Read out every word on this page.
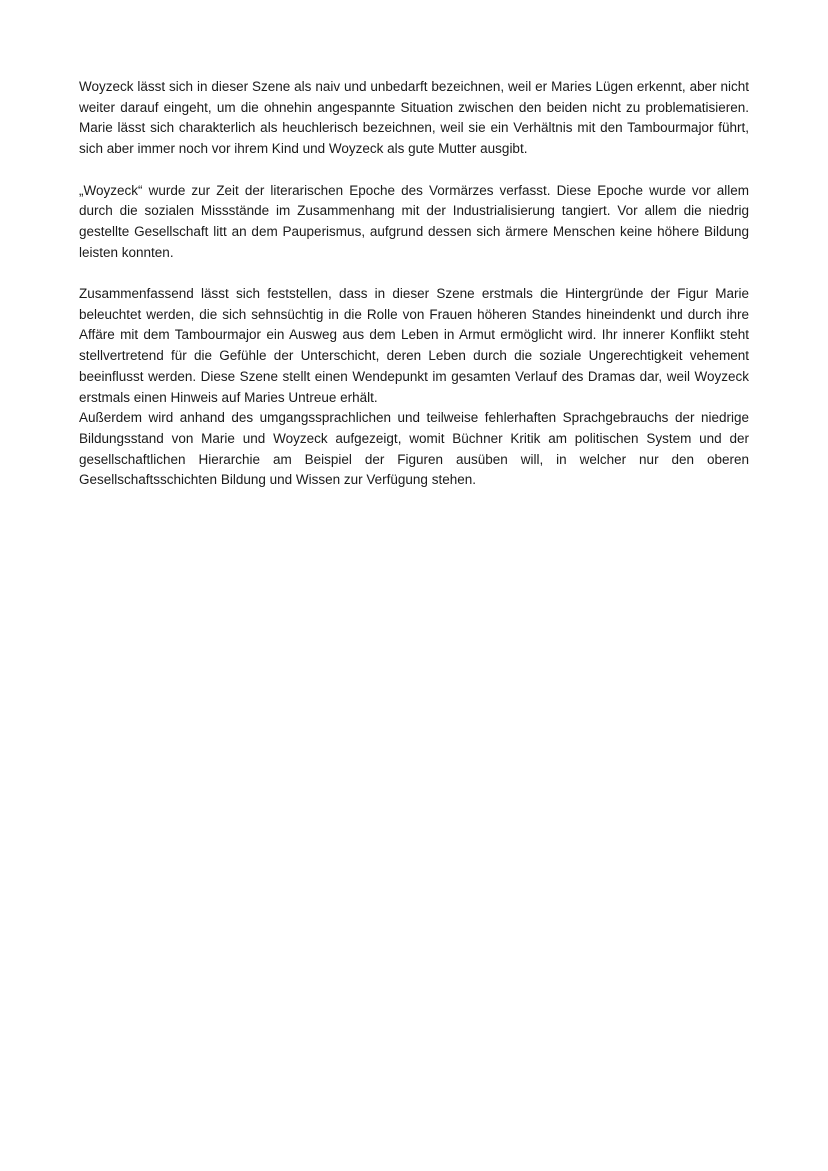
Woyzeck lässt sich in dieser Szene als naiv und unbedarft bezeichnen, weil er Maries Lügen erkennt, aber nicht weiter darauf eingeht, um die ohnehin angespannte Situation zwischen den beiden nicht zu problematisieren. Marie lässt sich charakterlich als heuchlerisch bezeichnen, weil sie ein Verhältnis mit den Tambourmajor führt, sich aber immer noch vor ihrem Kind und Woyzeck als gute Mutter ausgibt.

„Woyzeck“ wurde zur Zeit der literarischen Epoche des Vormärzes verfasst. Diese Epoche wurde vor allem durch die sozialen Missstände im Zusammenhang mit der Industrialisierung tangiert. Vor allem die niedrig gestellte Gesellschaft litt an dem Pauperismus, aufgrund dessen sich ärmere Menschen keine höhere Bildung leisten konnten.

Zusammenfassend lässt sich feststellen, dass in dieser Szene erstmals die Hintergründe der Figur Marie beleuchtet werden, die sich sehnsüchtig in die Rolle von Frauen höheren Standes hineindenkt und durch ihre Affäre mit dem Tambourmajor ein Ausweg aus dem Leben in Armut ermöglicht wird. Ihr innerer Konflikt steht stellvertretend für die Gefühle der Unterschicht, deren Leben durch die soziale Ungerechtigkeit vehement beeinflusst werden. Diese Szene stellt einen Wendepunkt im gesamten Verlauf des Dramas dar, weil Woyzeck erstmals einen Hinweis auf Maries Untreue erhält.

Außerdem wird anhand des umgangssprachlichen und teilweise fehlerhaften Sprachgebrauchs der niedrige Bildungsstand von Marie und Woyzeck aufgezeigt, womit Büchner Kritik am politischen System und der gesellschaftlichen Hierarchie am Beispiel der Figuren ausüben will, in welcher nur den oberen Gesellschaftsschichten Bildung und Wissen zur Verfügung stehen.
